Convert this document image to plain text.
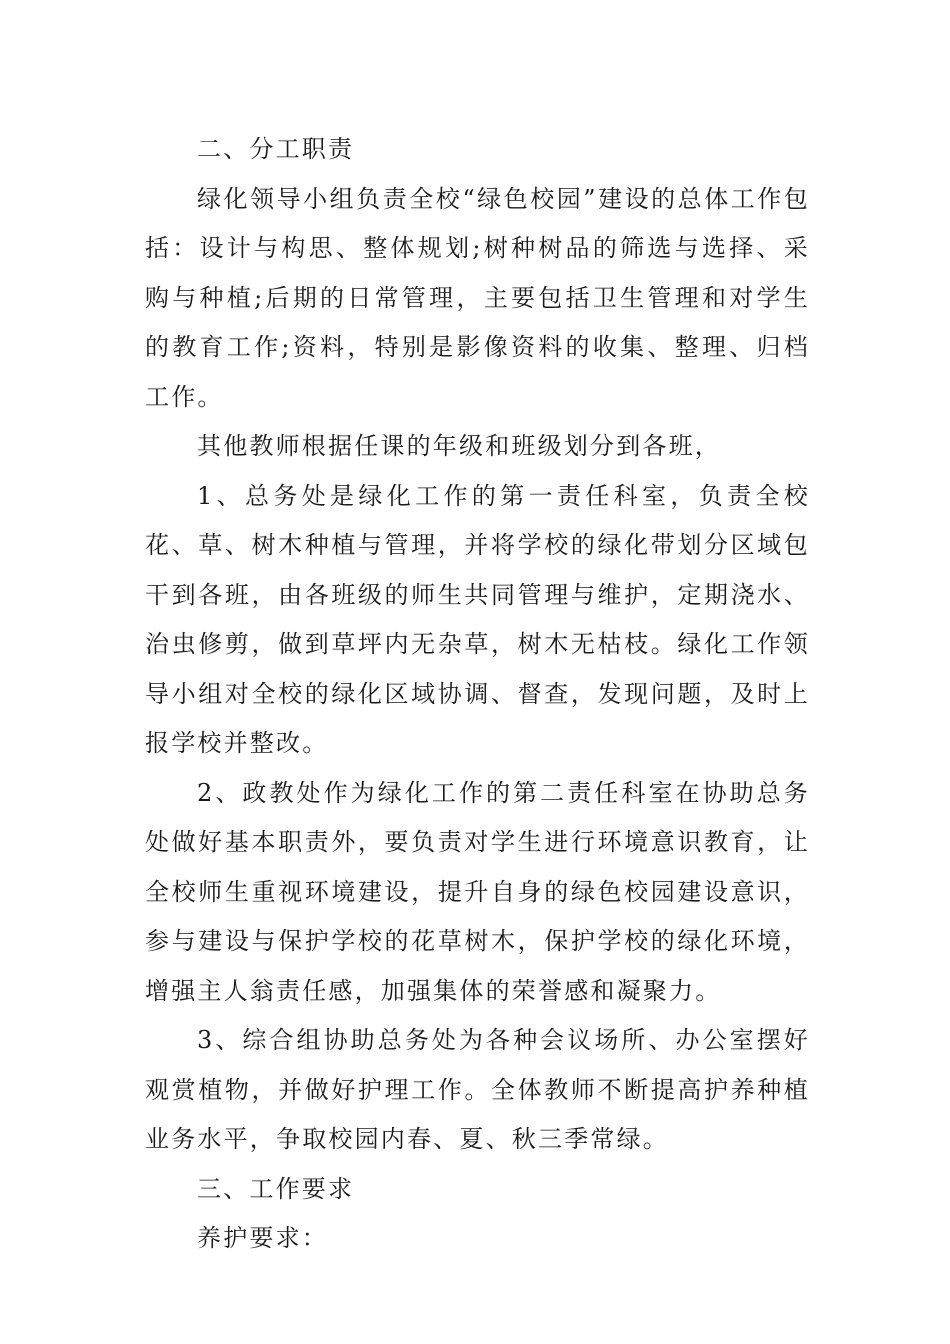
二、分工职责

绿化领导小组负责全校“绿色校园”建设的总体工作包括：设计与构思、整体规划;树种树品的筛选与选择、采购与种植;后期的日常管理，主要包括卫生管理和对学生的教育工作;资料，特别是影像资料的收集、整理、归档工作。

其他教师根据任课的年级和班级划分到各班，

1、总务处是绿化工作的第一责任科室，负责全校花、草、树木种植与管理，并将学校的绿化带划分区域包干到各班，由各班级的师生共同管理与维护，定期浇水、治虫修剪，做到草坪内无杂草，树木无枯枝。绿化工作领导小组对全校的绿化区域协调、督查，发现问题，及时上报学校并整改。

2、政教处作为绿化工作的第二责任科室在协助总务处做好基本职责外，要负责对学生进行环境意识教育，让全校师生重视环境建设，提升自身的绿色校园建设意识，参与建设与保护学校的花草树木，保护学校的绿化环境，增强主人翁责任感，加强集体的荣誉感和凝聚力。

3、综合组协助总务处为各种会议场所、办公室摆好观赏植物，并做好护理工作。全体教师不断提高护养种植业务水平，争取校园内春、夏、秋三季常绿。

三、工作要求

养护要求：
